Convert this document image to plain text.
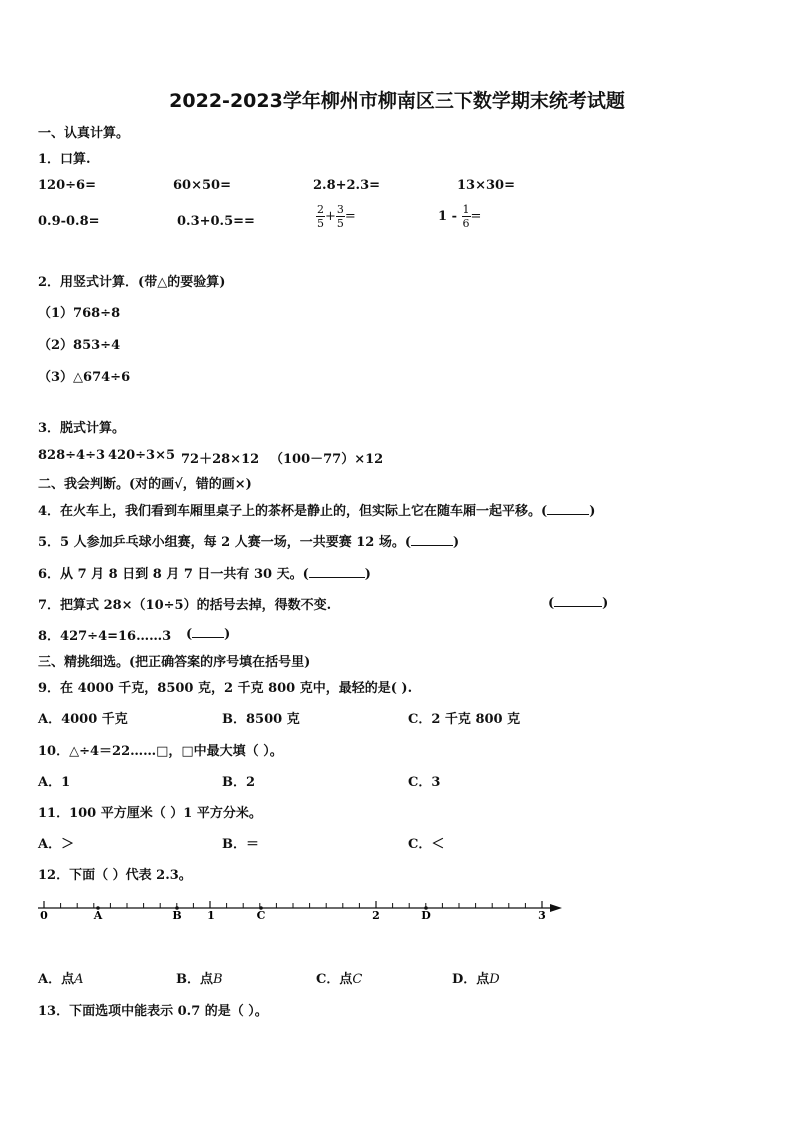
2022-2023学年柳州市柳南区三下数学期末统考试题
一、认真计算。
1．口算.
120÷6=	60×50=	2.8+2.3=	13×30=
0.9-0.8=	0.3+0.5==	$\frac{2}{5} + \frac{3}{5}$ =	$1 - \frac{1}{6}$ =
2．用竖式计算．(带△的要验算)
（1）768÷8
（2）853÷4
（3）△674÷6
3．脱式计算。
828÷4÷3 420÷3×5 72＋28×12 （100－77）×12
二、我会判断。(对的画√，错的画×)
4．在火车上，我们看到车厢里桌子上的茶杯是静止的，但实际上它在随车厢一起平移。(	)
5．5 人参加乒乓球小组赛，每 2 人赛一场，一共要赛 12 场。(	)
6．从 7 月 8 日到 8 月 7 日一共有 30 天。(	)
7．把算式 28×（10÷5）的括号去掉，得数不变.	(	)
8．427÷4=16……3 ( )
三、精挑细选。(把正确答案的序号填在括号里)
9．在 4000 千克，8500 克，2 千克 800 克中，最轻的是( ).
A．4000 千克	B．8500 克	C．2 千克 800 克
10．△÷4＝22……□，□中最大填（ ）。
A．1	B．2	C．3
11．100 平方厘米（ ）1 平方分米。
A．＞	B．＝	C．＜
12．下面（ ）代表 2.3。
0	1	2	3
A	B	C	D
A．点A	B．点B	C．点C	D．点D
13．下面选项中能表示 0.7 的是（ ）。
